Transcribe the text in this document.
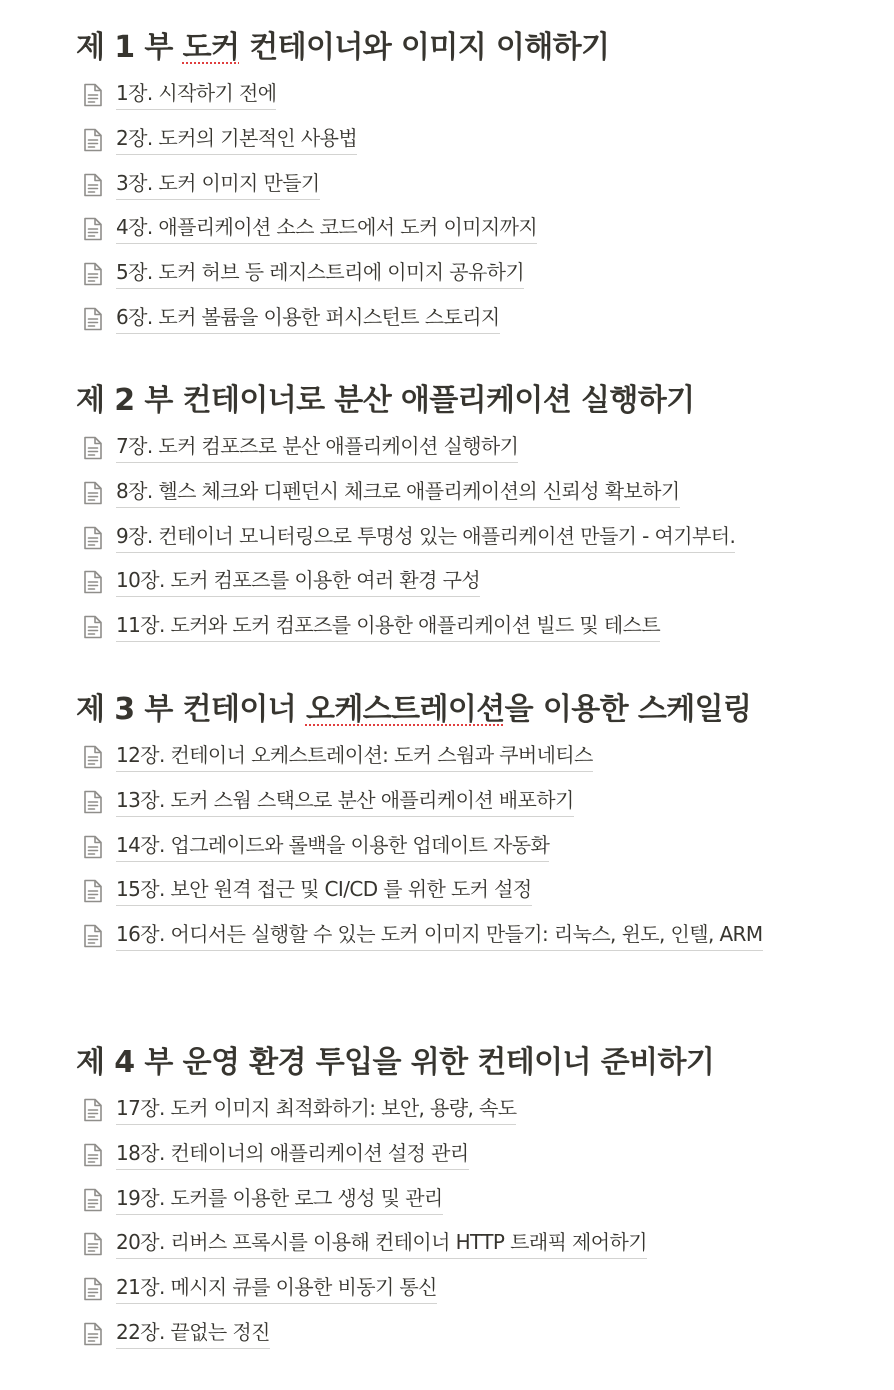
제 1 부 도커 컨테이너와 이미지 이해하기
1장. 시작하기 전에
2장. 도커의 기본적인 사용법
3장. 도커 이미지 만들기
4장. 애플리케이션 소스 코드에서 도커 이미지까지
5장. 도커 허브 등 레지스트리에 이미지 공유하기
6장. 도커 볼륨을 이용한 퍼시스턴트 스토리지
제 2 부 컨테이너로 분산 애플리케이션 실행하기
7장. 도커 컴포즈로 분산 애플리케이션 실행하기
8장. 헬스 체크와 디펜던시 체크로 애플리케이션의 신뢰성 확보하기
9장. 컨테이너 모니터링으로 투명성 있는 애플리케이션 만들기 - 여기부터.
10장. 도커 컴포즈를 이용한 여러 환경 구성
11장. 도커와 도커 컴포즈를 이용한 애플리케이션 빌드 및 테스트
제 3 부 컨테이너 오케스트레이션을 이용한 스케일링
12장. 컨테이너 오케스트레이션: 도커 스웜과 쿠버네티스
13장. 도커 스웜 스택으로 분산 애플리케이션 배포하기
14장. 업그레이드와 롤백을 이용한 업데이트 자동화
15장. 보안 원격 접근 및 CI/CD 를 위한 도커 설정
16장. 어디서든 실행할 수 있는 도커 이미지 만들기: 리눅스, 윈도, 인텔, ARM
제 4 부 운영 환경 투입을 위한 컨테이너 준비하기
17장. 도커 이미지 최적화하기: 보안, 용량, 속도
18장. 컨테이너의 애플리케이션 설정 관리
19장. 도커를 이용한 로그 생성 및 관리
20장. 리버스 프록시를 이용해 컨테이너 HTTP 트래픽 제어하기
21장. 메시지 큐를 이용한 비동기 통신
22장. 끝없는 정진
